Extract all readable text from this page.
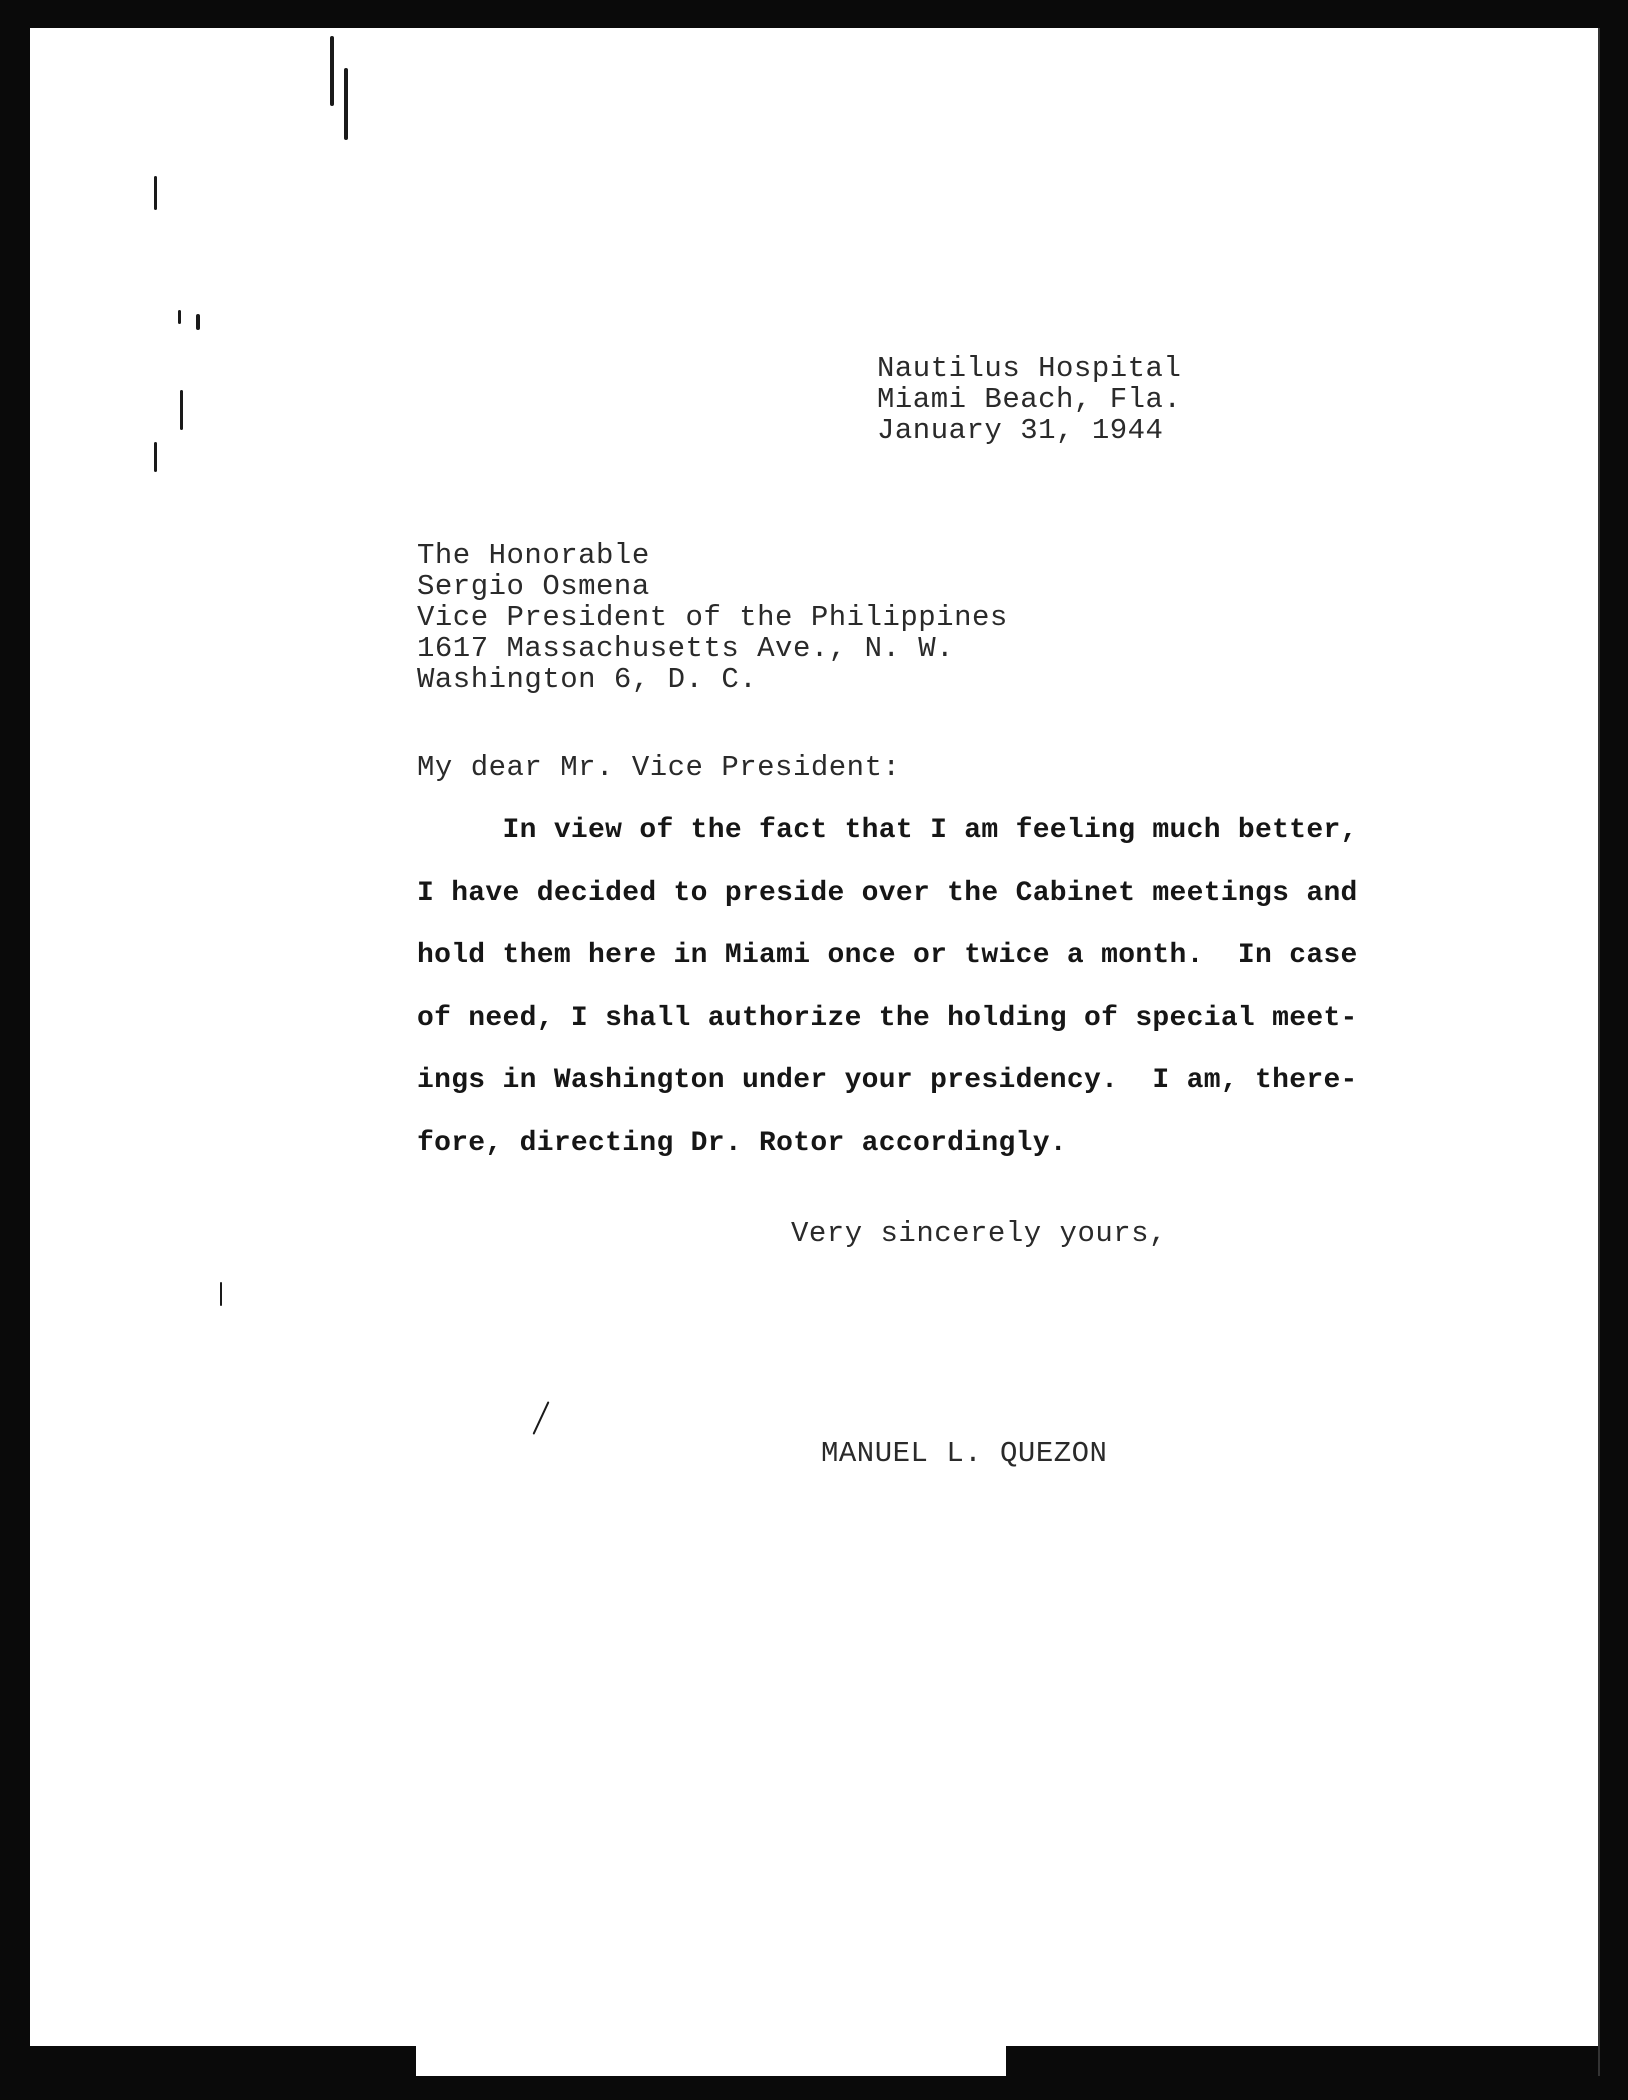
Nautilus Hospital
Miami Beach, Fla.
January 31, 1944
The Honorable
Sergio Osmena
Vice President of the Philippines
1617 Massachusetts Ave., N. W.
Washington 6, D. C.
My dear Mr. Vice President:
In view of the fact that I am feeling much better,
I have decided to preside over the Cabinet meetings and
hold them here in Miami once or twice a month.  In case
of need, I shall authorize the holding of special meet-
ings in Washington under your presidency.  I am, there-
fore, directing Dr. Rotor accordingly.
Very sincerely yours,
MANUEL L. QUEZON
